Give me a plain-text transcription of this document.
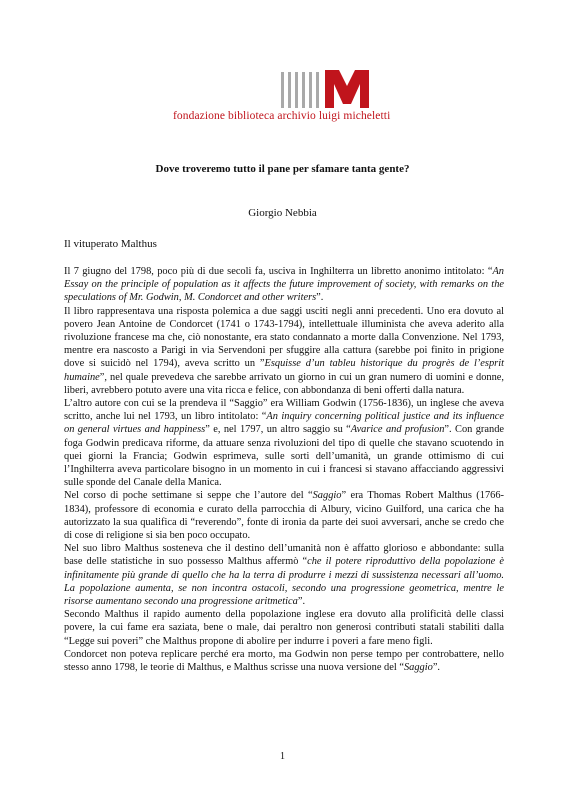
fondazione biblioteca archivio luigi micheletti
Dove troveremo tutto il pane per sfamare tanta gente?
Giorgio Nebbia
Il vituperato Malthus

Il 7 giugno del 1798, poco più di due secoli fa, usciva in Inghilterra un libretto anonimo intitolato: “An Essay on the principle of population as it affects the future improvement of society, with remarks on the speculations of Mr. Godwin, M. Condorcet and other writers”.

Il libro rappresentava una risposta polemica a due saggi usciti negli anni precedenti. Uno era dovuto al povero Jean Antoine de Condorcet (1741 o 1743-1794), intellettuale illuminista che aveva aderito alla rivoluzione francese ma che, ciò nonostante, era stato condannato a morte dalla Convenzione. Nel 1793, mentre era nascosto a Parigi in via Servendoni per sfuggire alla cattura (sarebbe poi finito in prigione dove si suicidò nel 1794), aveva scritto un ”Esquisse d’un tableu historique du progrès de l’esprit humaine”, nel quale prevedeva che sarebbe arrivato un giorno in cui un gran numero di uomini e donne, liberi, avrebbero potuto avere una vita ricca e felice, con abbondanza di beni offerti dalla natura.

L’altro autore con cui se la prendeva il “Saggio” era William Godwin (1756-1836), un inglese che aveva scritto, anche lui nel 1793, un libro intitolato: “An inquiry concerning political justice and its influence on general virtues and happiness” e, nel 1797, un altro saggio su “Avarice and profusion”. Con grande foga Godwin predicava riforme, da attuare senza rivoluzioni del tipo di quelle che stavano scuotendo in quei giorni la Francia; Godwin esprimeva, sulle sorti dell’umanità, un grande ottimismo di cui l’Inghilterra aveva particolare bisogno in un momento in cui i francesi si stavano affacciando aggressivi sulle sponde del Canale della Manica.

Nel corso di poche settimane si seppe che l’autore del “Saggio” era Thomas Robert Malthus (1766-1834), professore di economia e curato della parrocchia di Albury, vicino Guilford, una carica che ha autorizzato la sua qualifica di “reverendo”, fonte di ironia da parte dei suoi avversari, anche se credo che di cose di religione si sia ben poco occupato.

Nel suo libro Malthus sosteneva che il destino dell’umanità non è affatto glorioso e abbondante: sulla base delle statistiche in suo possesso Malthus affermò “che il potere riproduttivo della popolazione è infinitamente più grande di quello che ha la terra di produrre i mezzi di sussistenza necessari all’uomo. La popolazione aumenta, se non incontra ostacoli, secondo una progressione geometrica, mentre le risorse aumentano secondo una progressione aritmetica”.

Secondo Malthus il rapido aumento della popolazione inglese era dovuto alla prolificità delle classi povere, la cui fame era saziata, bene o male, dai peraltro non generosi contributi statali stabiliti dalla “Legge sui poveri” che Malthus propone di abolire per indurre i poveri a fare meno figli.

Condorcet non poteva replicare perché era morto, ma Godwin non perse tempo per controbattere, nello stesso anno 1798, le teorie di Malthus, e Malthus scrisse una nuova versione del “Saggio”.

1
